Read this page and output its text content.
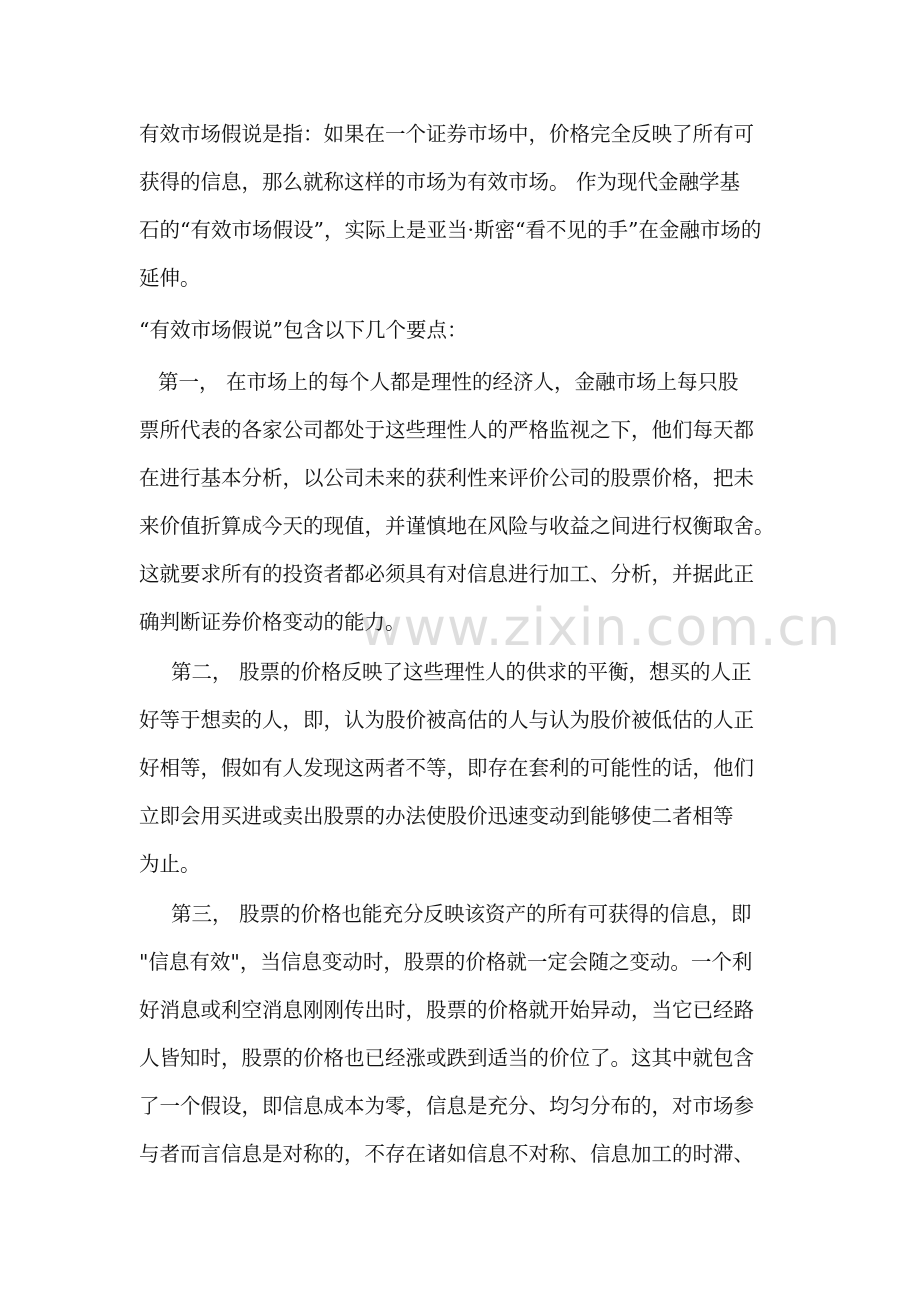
www.zixin.com.cn
有效市场假说是指：如果在一个证券市场中，价格完全反映了所有可
获得的信息，那么就称这样的市场为有效市场。 作为现代金融学基
石的“有效市场假设”，实际上是亚当·斯密“看不见的手”在金融市场的
延伸。
“有效市场假说”包含以下几个要点：
第一， 在市场上的每个人都是理性的经济人，金融市场上每只股
票所代表的各家公司都处于这些理性人的严格监视之下，他们每天都
在进行基本分析，以公司未来的获利性来评价公司的股票价格，把未
来价值折算成今天的现值，并谨慎地在风险与收益之间进行权衡取舍。
这就要求所有的投资者都必须具有对信息进行加工、分析，并据此正
确判断证券价格变动的能力。
第二， 股票的价格反映了这些理性人的供求的平衡，想买的人正
好等于想卖的人，即，认为股价被高估的人与认为股价被低估的人正
好相等，假如有人发现这两者不等，即存在套利的可能性的话，他们
立即会用买进或卖出股票的办法使股价迅速变动到能够使二者相等
为止。
第三， 股票的价格也能充分反映该资产的所有可获得的信息，即
"信息有效"，当信息变动时，股票的价格就一定会随之变动。一个利
好消息或利空消息刚刚传出时，股票的价格就开始异动，当它已经路
人皆知时，股票的价格也已经涨或跌到适当的价位了。这其中就包含
了一个假设，即信息成本为零，信息是充分、均匀分布的，对市场参
与者而言信息是对称的，不存在诸如信息不对称、信息加工的时滞、
